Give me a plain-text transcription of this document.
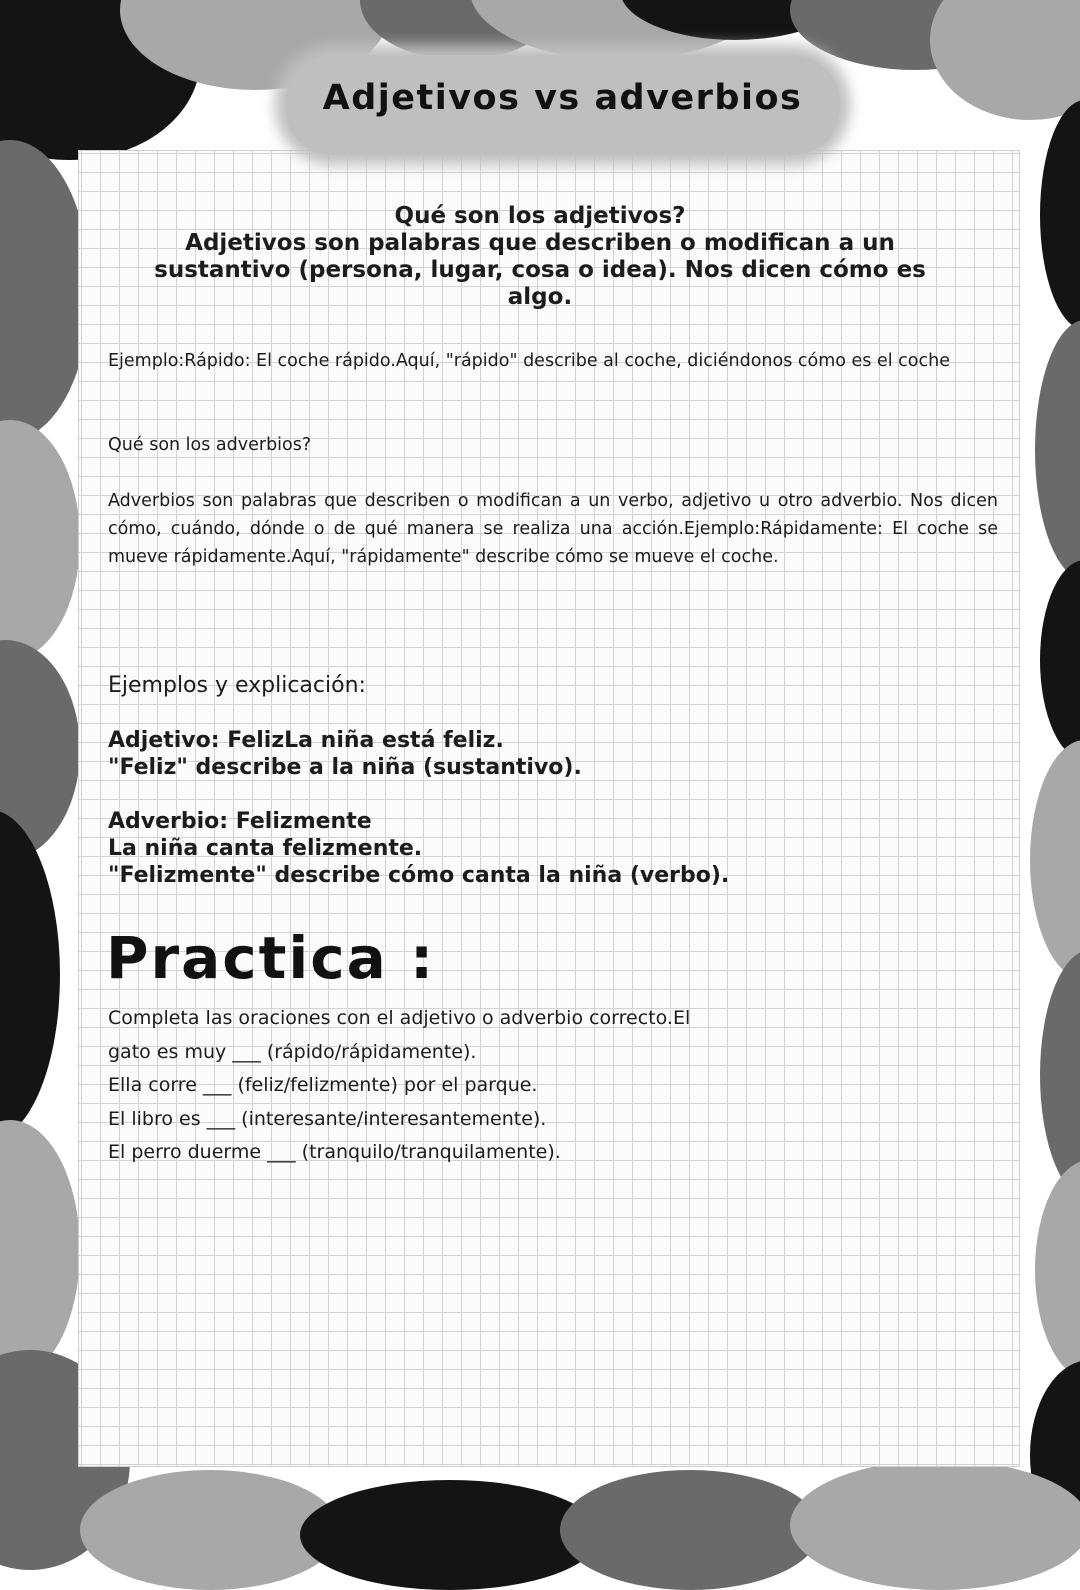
Adjetivos vs adverbios
Qué son los adjetivos?
Adjetivos son palabras que describen o modifican a un sustantivo (persona, lugar, cosa o idea). Nos dicen cómo es algo.

Ejemplo:Rápido: El coche rápido.Aquí, "rápido" describe al coche, diciéndonos cómo es el coche

Qué son los adverbios?

Adverbios son palabras que describen o modifican a un verbo, adjetivo u otro adverbio. Nos dicen cómo, cuándo, dónde o de qué manera se realiza una acción.Ejemplo:Rápidamente: El coche se mueve rápidamente.Aquí, "rápidamente" describe cómo se mueve el coche.

Ejemplos y explicación:

Adjetivo: FelizLa niña está feliz.
"Feliz" describe a la niña (sustantivo).
Adverbio: Felizmente
La niña canta felizmente.
"Felizmente" describe cómo canta la niña (verbo).
Practica :
Completa las oraciones con el adjetivo o adverbio correcto.El
gato es muy ___ (rápido/rápidamente).
Ella corre ___ (feliz/felizmente) por el parque.
El libro es ___ (interesante/interesantemente).
El perro duerme ___ (tranquilo/tranquilamente).
